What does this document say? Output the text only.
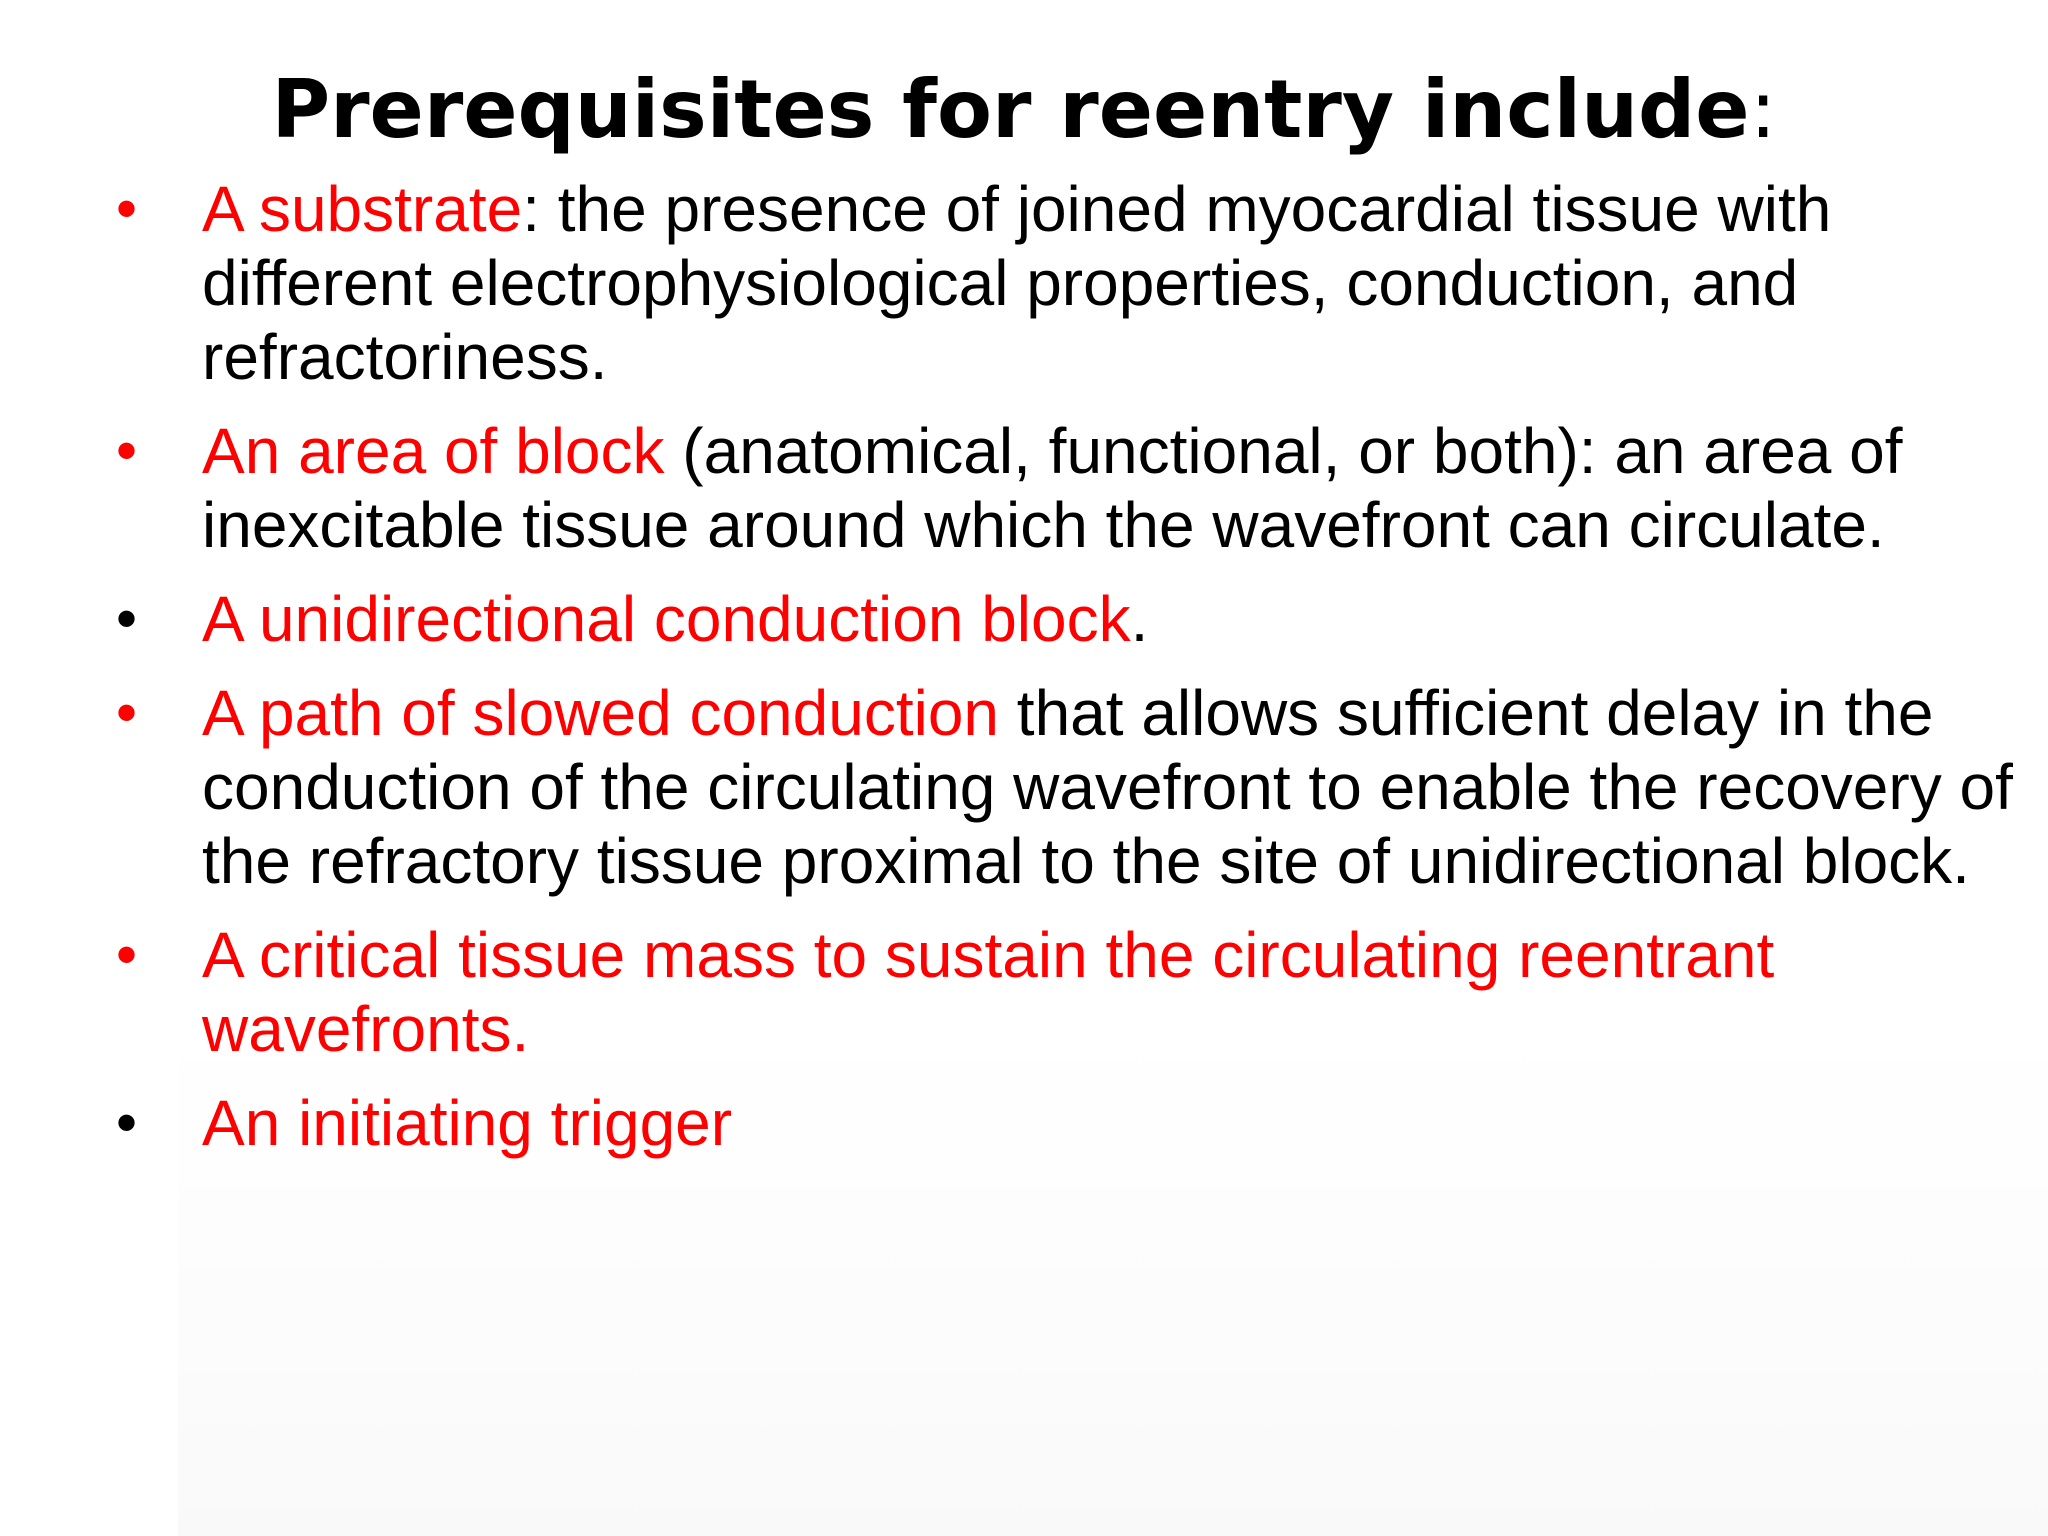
Prerequisites for reentry include:
•	A substrate: the presence of joined myocardial tissue with different electrophysiological properties, conduction, and refractoriness.
•	An area of block (anatomical, functional, or both): an area of inexcitable tissue around which the wavefront can circulate.
•	A unidirectional conduction block.
•	A path of slowed conduction that allows sufficient delay in the conduction of the circulating wavefront to enable the recovery of the refractory tissue proximal to the site of unidirectional block.
•	A critical tissue mass to sustain the circulating reentrant wavefronts.
•	An initiating trigger
